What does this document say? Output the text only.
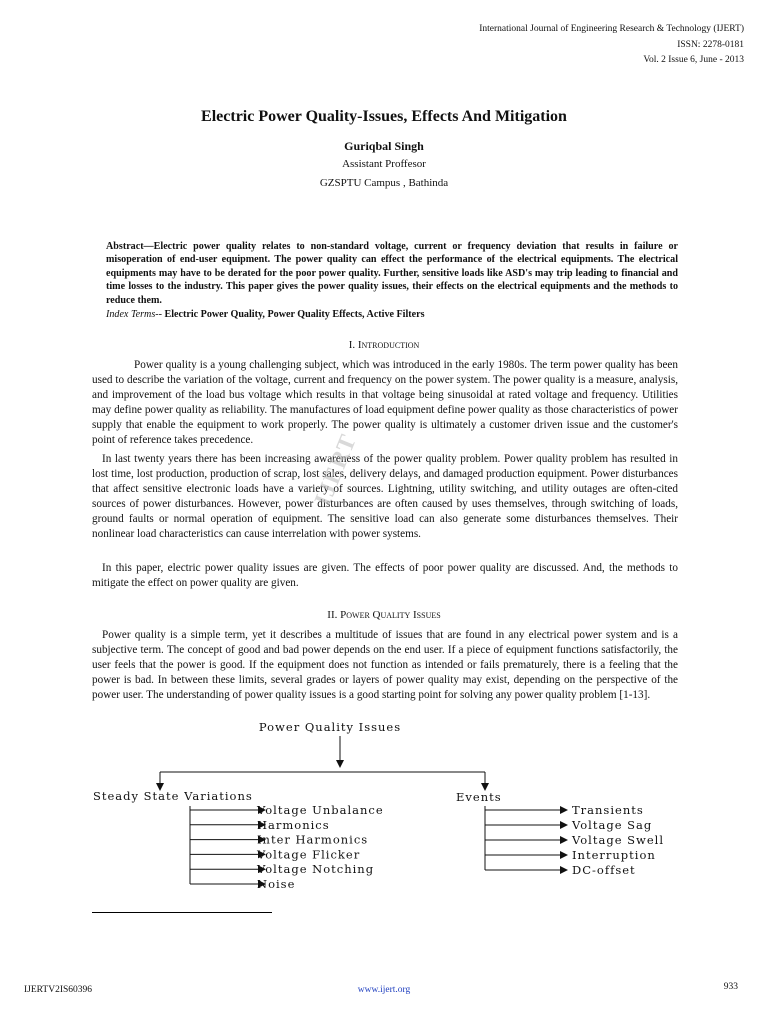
International Journal of Engineering Research & Technology (IJERT)
ISSN: 2278-0181
Vol. 2 Issue 6, June - 2013
Electric Power Quality-Issues, Effects And Mitigation
Guriqbal Singh
Assistant Proffesor
GZSPTU Campus , Bathinda
Abstract—Electric power quality relates to non-standard voltage, current or frequency deviation that results in failure or misoperation of end-user equipment. The power quality can effect the performance of the electrical equipments. The electrical equipments may have to be derated for the poor power quality. Further, sensitive loads like ASD's may trip leading to financial and time losses to the industry. This paper gives the power quality issues, their effects on the electrical equipments and the methods to reduce them.
Index Terms-- Electric Power Quality, Power Quality Effects, Active Filters
I. Introduction
Power quality is a young challenging subject, which was introduced in the early 1980s. The term power quality has been used to describe the variation of the voltage, current and frequency on the power system. The power quality is a measure, analysis, and improvement of the load bus voltage which results in that voltage being sinusoidal at rated voltage and frequency. Utilities may define power quality as reliability. The manufactures of load equipment define power quality as those characteristics of power supply that enable the equipment to work properly. The power quality is ultimately a customer driven issue and the customer's point of reference takes precedence.
In last twenty years there has been increasing awareness of the power quality problem. Power quality problem has resulted in lost time, lost production, production of scrap, lost sales, delivery delays, and damaged production equipment. Power disturbances that affect sensitive electronic loads have a variety of sources. Lightning, utility switching, and utility outages are often-cited sources of power disturbances. However, power disturbances are often caused by uses themselves, through switching of loads, ground faults or normal operation of equipment. The sensitive load can also generate some disturbances themselves. Their nonlinear load characteristics can cause interrelation with power systems.
In this paper, electric power quality issues are given. The effects of poor power quality are discussed. And, the methods to mitigate the effect on power quality are given.
II. Power Quality Issues
Power quality is a simple term, yet it describes a multitude of issues that are found in any electrical power system and is a subjective term. The concept of good and bad power depends on the end user. If a piece of equipment functions satisfactorily, the user feels that the power is good. If the equipment does not function as intended or fails prematurely, there is a feeling that the power is bad. In between these limits, several grades or layers of power quality may exist, depending on the perspective of the power user. The understanding of power quality issues is a good starting point for solving any power quality problem [1-13].
IJERT
Power Quality Issues
Steady State Variations	Events
Voltage Unbalance
Harmonics
Inter Harmonics
Voltage Flicker
Voltage Notching
Noise
Transients
Voltage Sag
Voltage Swell
Interruption
DC-offset
IJERTV2IS60396	www.ijert.org	933
